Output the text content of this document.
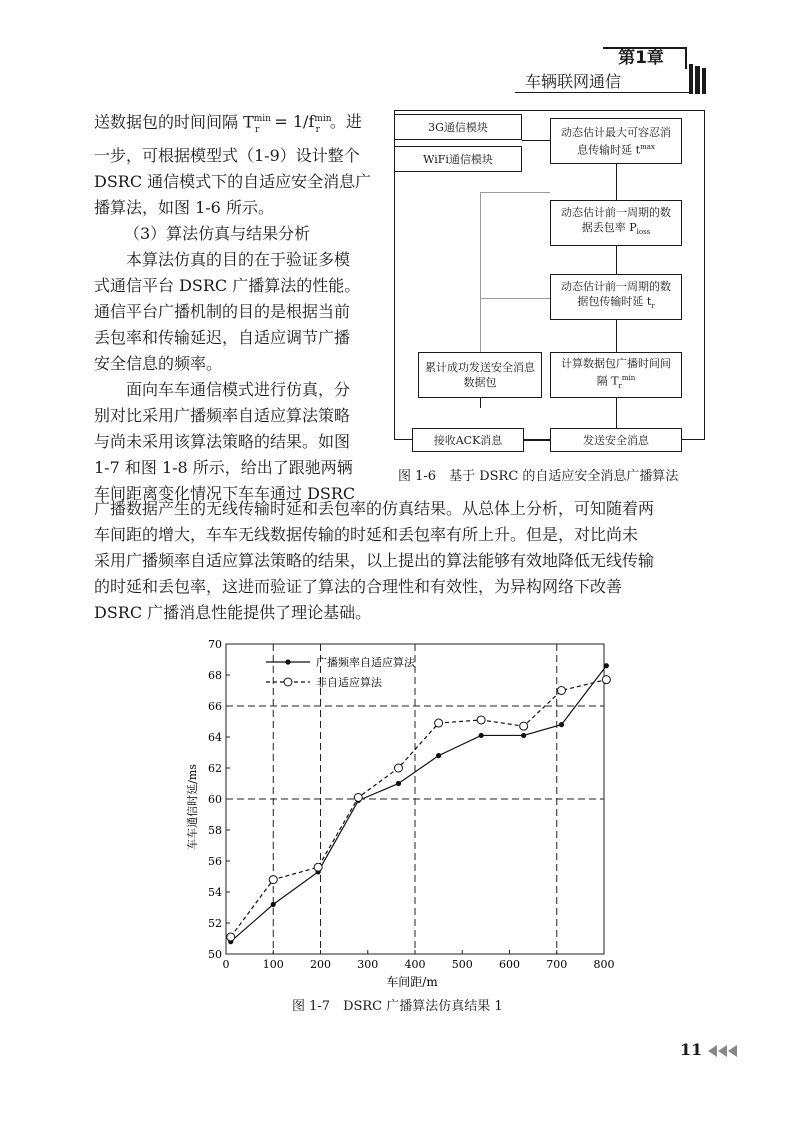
第1章
车辆联网通信

送数据包的时间间隔 $T^{min}_r = 1/f^{min}_r$ 。进

一步，可根据模型式（1-9）设计整个

DSRC 通信模式下的自适应安全消息广

播算法，如图 1-6 所示。

（3）算法仿真与结果分析

本算法仿真的目的在于验证多模

式通信平台 DSRC 广播算法的性能。

通信平台广播机制的目的是根据当前

丢包率和传输延迟，自适应调节广播

安全信息的频率。

面向车车通信模式进行仿真，分

别对比采用广播频率自适应算法策略

与尚未采用该算法策略的结果。如图

1-7 和图 1-8 所示，给出了跟驰两辆

车间距离变化情况下车车通过 DSRC

广播数据产生的无线传输时延和丢包率的仿真结果。从总体上分析，可知随着两

车间距的增大，车车无线数据传输的时延和丢包率有所上升。但是，对比尚未

采用广播频率自适应算法策略的结果，以上提出的算法能够有效地降低无线传输

的时延和丢包率，这进而验证了算法的合理性和有效性，为异构网络下改善

DSRC 广播消息性能提供了理论基础。

3G通信模块
WiFi通信模块
动态估计最大可容忍消息传输时延 $t^{max}$
动态估计前一周期的数据丢包率 $P_{loss}$
动态估计前一周期的数据包传输时延 $t_r$
累计成功发送安全消息数据包
计算数据包广播时间间隔 $T_r^{min}$
接收ACK消息	发送安全消息
图 1-6　基于 DSRC 的自适应安全消息广播算法
0	100 200 300 400 500 600 700 800
50
52
54
56
58
60
62
64
66
68
70
广播频率自适应算法
非自适应算法
车间距/m
车车通信时延/ms
图 1-7　DSRC 广播算法仿真结果 1
11
